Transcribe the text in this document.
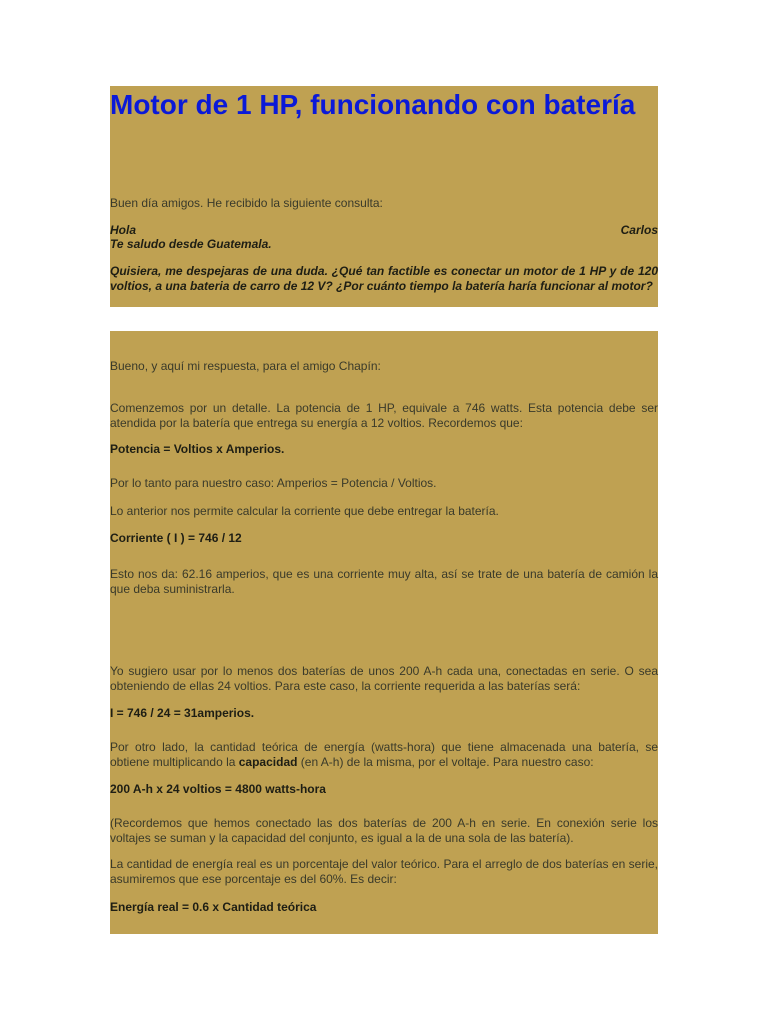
Motor de 1 HP, funcionando con batería

Buen día amigos. He recibido la siguiente consulta:

Hola	Carlos

Te saludo desde Guatemala.

Quisiera, me despejaras de una duda. ¿Qué tan factible es conectar un motor de 1 HP y de 120 voltios, a una bateria de carro de 12 V? ¿Por cuánto tiempo la batería haría funcionar al motor?

Bueno, y aquí mi respuesta, para el amigo Chapín:

Comenzemos por un detalle. La potencia de 1 HP, equivale a 746 watts. Esta potencia debe ser atendida por la batería que entrega su energía a 12 voltios. Recordemos que:

Potencia = Voltios x Amperios.

Por lo tanto para nuestro caso: Amperios = Potencia / Voltios.

Lo anterior nos permite calcular la corriente que debe entregar la batería.

Corriente ( I ) = 746 / 12

Esto nos da: 62.16 amperios, que es una corriente muy alta, así se trate de una batería de camión la que deba suministrarla.

Yo sugiero usar por lo menos dos baterías de unos 200 A-h cada una, conectadas en serie. O sea obteniendo de ellas 24 voltios. Para este caso, la corriente requerida a las baterías será:

I = 746 / 24 = 31amperios.

Por otro lado, la cantidad teórica de energía (watts-hora) que tiene almacenada una batería, se obtiene multiplicando la capacidad (en A-h) de la misma, por el voltaje. Para nuestro caso:

200 A-h x 24 voltios = 4800 watts-hora

(Recordemos que hemos conectado las dos baterías de 200 A-h en serie. En conexión serie los voltajes se suman y la capacidad del conjunto, es igual a la de una sola de las batería).

La cantidad de energía real es un porcentaje del valor teórico. Para el arreglo de dos baterías en serie, asumiremos que ese porcentaje es del 60%. Es decir:

Energía real = 0.6 x Cantidad teórica
